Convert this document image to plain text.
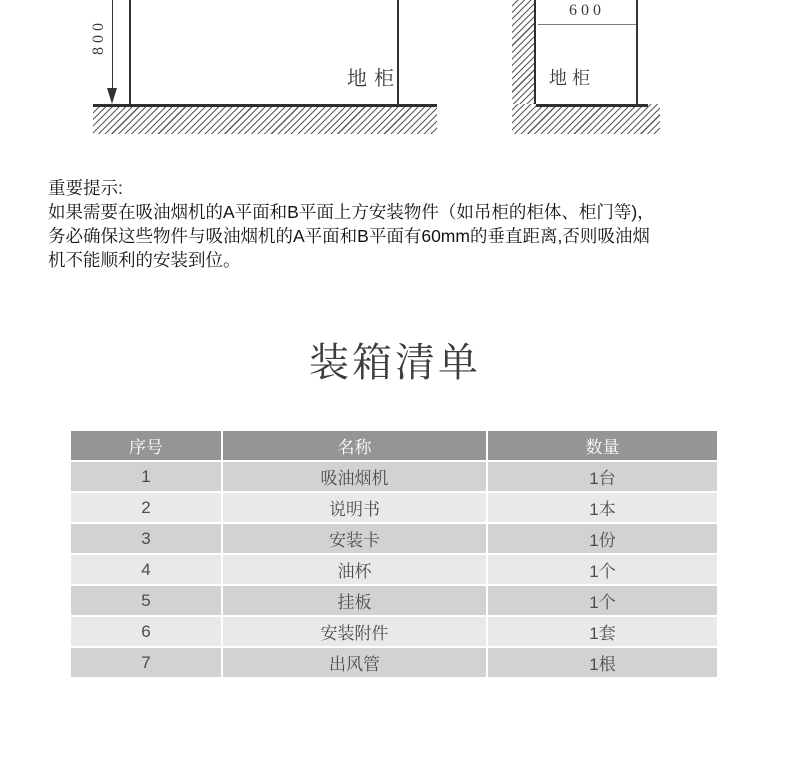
800
地柜
600
地柜
重要提示:
如果需要在吸油烟机的A平面和B平面上方安装物件（如吊柜的柜体、柜门等)，
务必确保这些物件与吸油烟机的A平面和B平面有60mm的垂直距离,否则吸油烟
机不能顺利的安装到位。
装箱清单
序号	名称	数量
1	吸油烟机	1台
2	说明书	1本
3	安装卡	1份
4	油杯	1个
5	挂板	1个
6	安装附件	1套
7	出风管	1根
